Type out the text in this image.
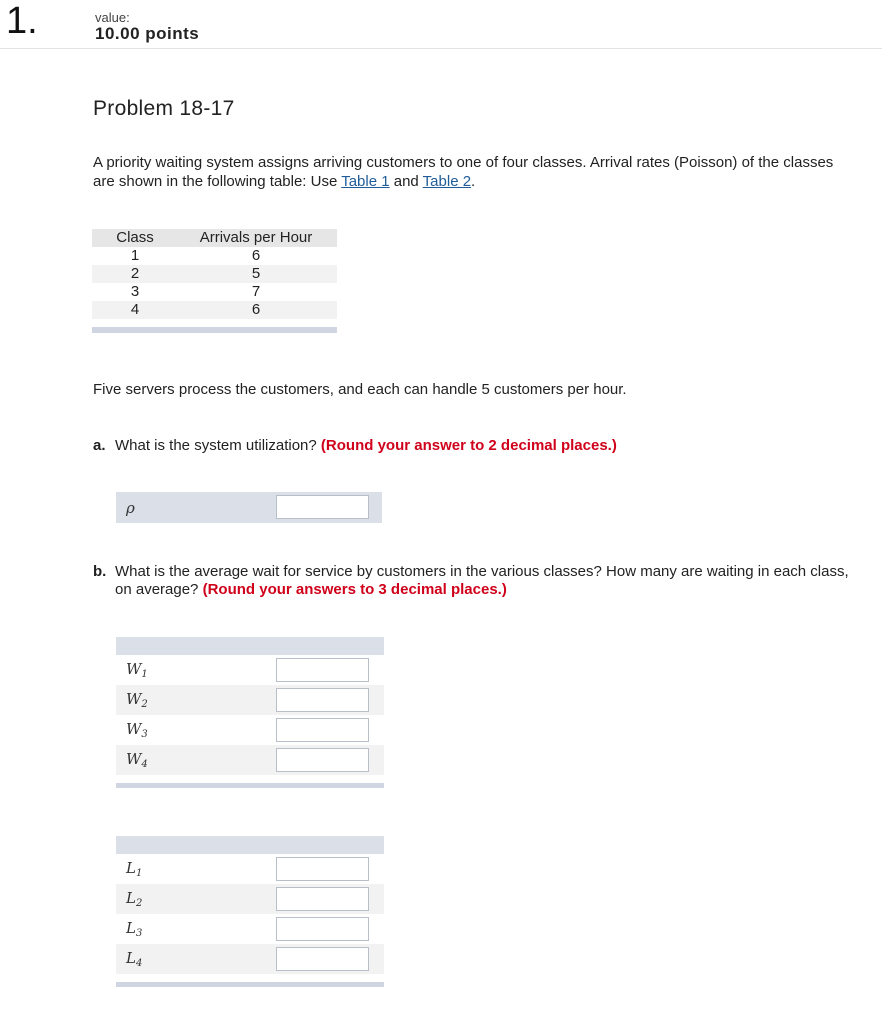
1.	value:
10.00 points
Problem 18-17
A priority waiting system assigns arriving customers to one of four classes. Arrival rates (Poisson) of the classes are shown in the following table: Use Table 1 and Table 2.
Class	Arrivals per Hour
1	6
2	5
3	7
4	6
Five servers process the customers, and each can handle 5 customers per hour.
a. What is the system utilization? (Round your answer to 2 decimal places.)
ρ
b. What is the average wait for service by customers in the various classes? How many are waiting in each class, on average? (Round your answers to 3 decimal places.)
$W_1$
$W_2$
$W_3$
$W_4$
$L_1$
$L_2$
$L_3$
$L_4$
